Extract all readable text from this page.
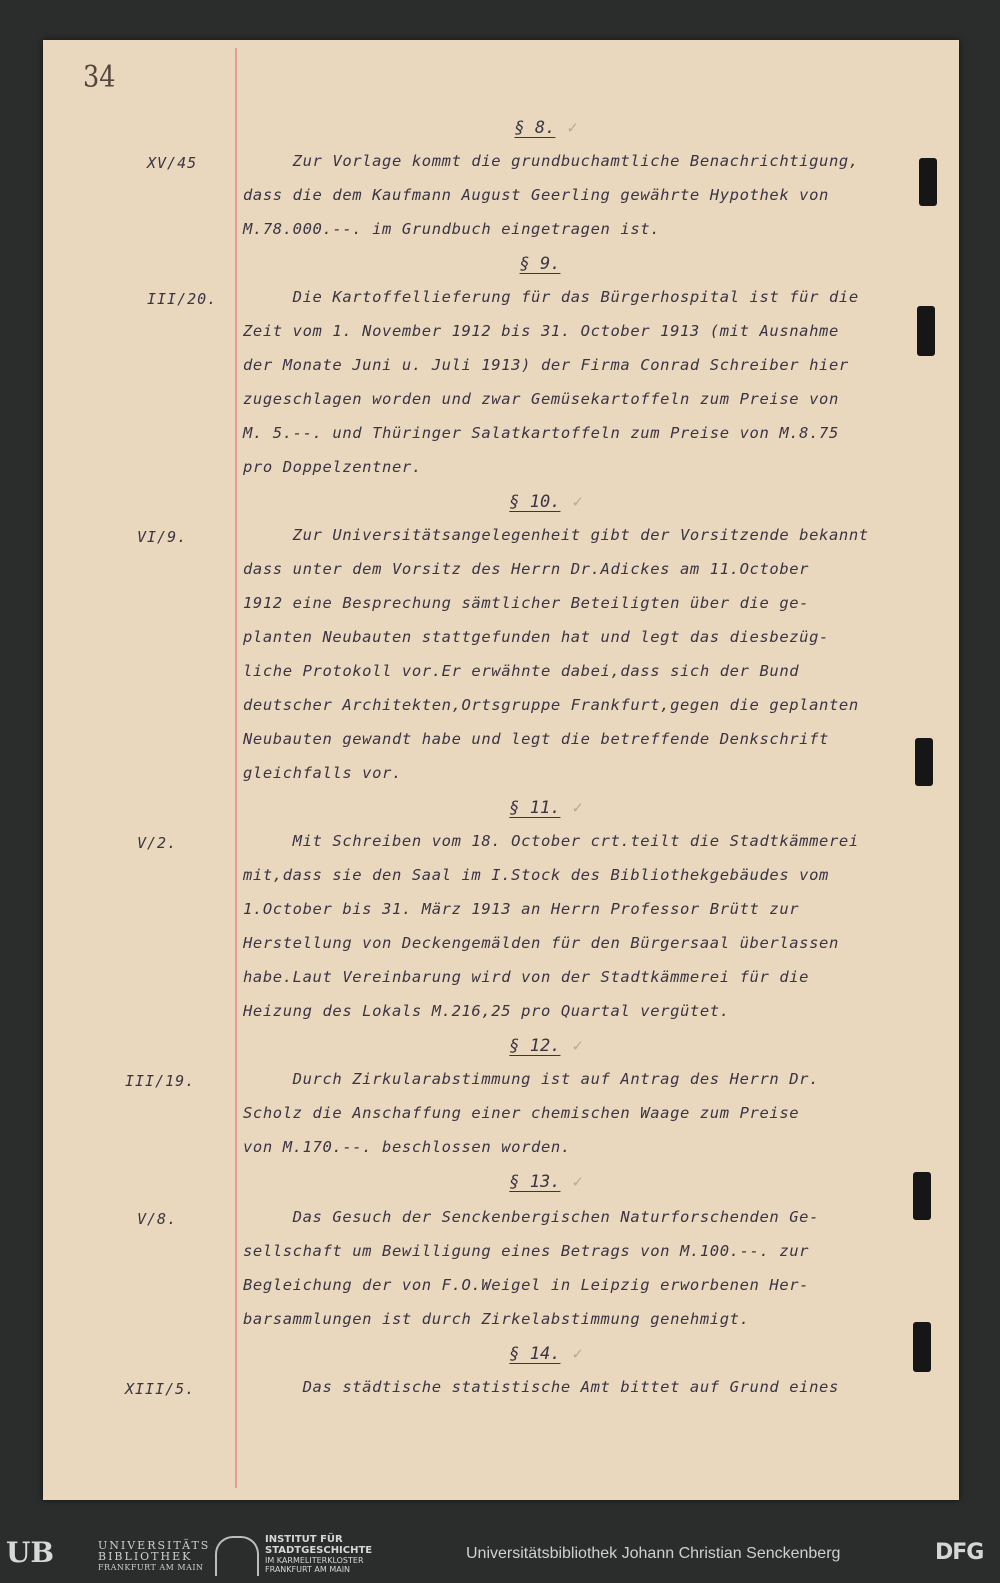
34
§ 8. ✓
XV/45	Zur Vorlage kommt die grundbuchamtliche Benachrichtigung,
dass die dem Kaufmann August Geerling gewährte Hypothek von
M.78.000.--. im Grundbuch eingetragen ist.
§ 9.
III/20. Die Kartoffellieferung für das Bürgerhospital ist für die
Zeit vom 1. November 1912 bis 31. October 1913 (mit Ausnahme
der Monate Juni u. Juli 1913) der Firma Conrad Schreiber hier
zugeschlagen worden und zwar Gemüsekartoffeln zum Preise von
M. 5.--. und Thüringer Salatkartoffeln zum Preise von M.8.75
pro Doppelzentner.
§ 10. ✓
VI/9.	Zur Universitätsangelegenheit gibt der Vorsitzende bekannt
dass unter dem Vorsitz des Herrn Dr.Adickes am 11.October
1912 eine Besprechung sämtlicher Beteiligten über die ge-
planten Neubauten stattgefunden hat und legt das diesbezüg-
liche Protokoll vor.Er erwähnte dabei,dass sich der Bund
deutscher Architekten,Ortsgruppe Frankfurt,gegen die geplanten
Neubauten gewandt habe und legt die betreffende Denkschrift
gleichfalls vor.
§ 11. ✓
V/2.	Mit Schreiben vom 18. October crt.teilt die Stadtkämmerei
mit,dass sie den Saal im I.Stock des Bibliothekgebäudes vom
1.October bis 31. März 1913 an Herrn Professor Brütt zur
Herstellung von Deckengemälden für den Bürgersaal überlassen
habe.Laut Vereinbarung wird von der Stadtkämmerei für die
Heizung des Lokals M.216,25 pro Quartal vergütet.
§ 12. ✓
III/19.	Durch Zirkularabstimmung ist auf Antrag des Herrn Dr.
Scholz die Anschaffung einer chemischen Waage zum Preise
von M.170.--. beschlossen worden.
§ 13. ✓
V/8.	Das Gesuch der Senckenbergischen Naturforschenden Ge-
sellschaft um Bewilligung eines Betrags von M.100.--. zur
Begleichung der von F.O.Weigel in Leipzig erworbenen Her-
barsammlungen ist durch Zirkelabstimmung genehmigt.
§ 14. ✓
XIII/5.	Das städtische statistische Amt bittet auf Grund eines
UB	UNIVERSITÄTS
BIBLIOTHEK
FRANKFURT AM MAIN
INSTITUT FÜR
STADTGESCHICHTE
IM KARMELITERKLOSTER
FRANKFURT AM MAIN
Universitätsbibliothek Johann Christian Senckenberg	DFG
